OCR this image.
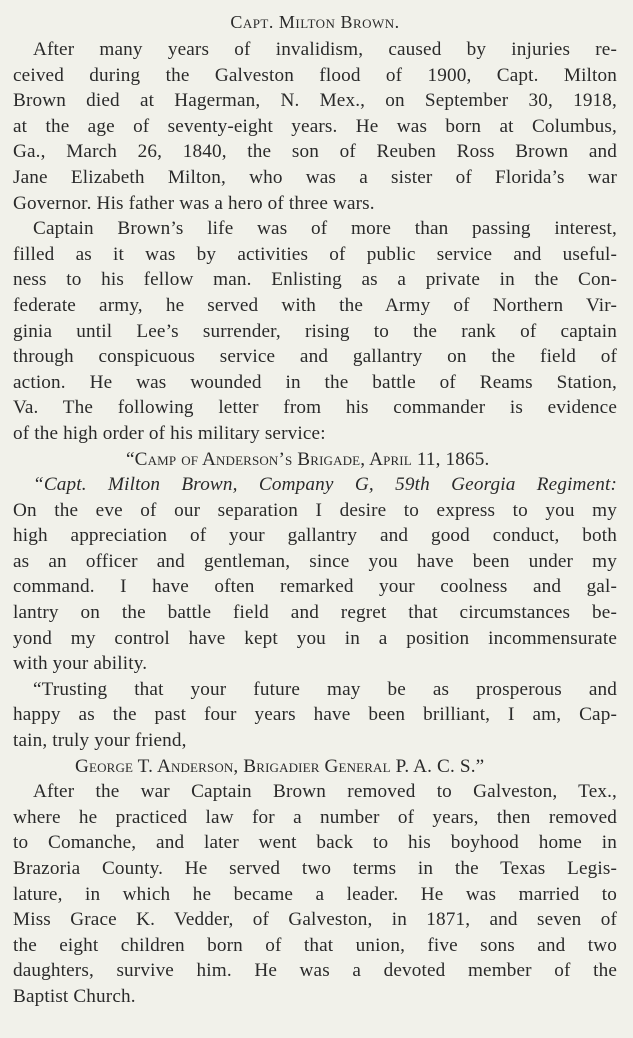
Capt. Milton Brown.
After many years of invalidism, caused by injuries re-
ceived during the Galveston flood of 1900, Capt. Milton
Brown died at Hagerman, N. Mex., on September 30, 1918,
at the age of seventy-eight years. He was born at Columbus,
Ga., March 26, 1840, the son of Reuben Ross Brown and
Jane Elizabeth Milton, who was a sister of Florida’s war
Governor. His father was a hero of three wars.
Captain Brown’s life was of more than passing interest,
filled as it was by activities of public service and useful-
ness to his fellow man. Enlisting as a private in the Con-
federate army, he served with the Army of Northern Vir-
ginia until Lee’s surrender, rising to the rank of captain
through conspicuous service and gallantry on the field of
action. He was wounded in the battle of Reams Station,
Va. The following letter from his commander is evidence
of the high order of his military service:
“Camp of Anderson’s Brigade, April 11, 1865.
“Capt. Milton Brown, Company G, 59th Georgia Regiment:
On the eve of our separation I desire to express to you my
high appreciation of your gallantry and good conduct, both
as an officer and gentleman, since you have been under my
command. I have often remarked your coolness and gal-
lantry on the battle field and regret that circumstances be-
yond my control have kept you in a position incommensurate
with your ability.
“Trusting that your future may be as prosperous and
happy as the past four years have been brilliant, I am, Cap-
tain, truly your friend,
George T. Anderson, Brigadier General P. A. C. S.”
After the war Captain Brown removed to Galveston, Tex.,
where he practiced law for a number of years, then removed
to Comanche, and later went back to his boyhood home in
Brazoria County. He served two terms in the Texas Legis-
lature, in which he became a leader. He was married to
Miss Grace K. Vedder, of Galveston, in 1871, and seven of
the eight children born of that union, five sons and two
daughters, survive him. He was a devoted member of the
Baptist Church.
